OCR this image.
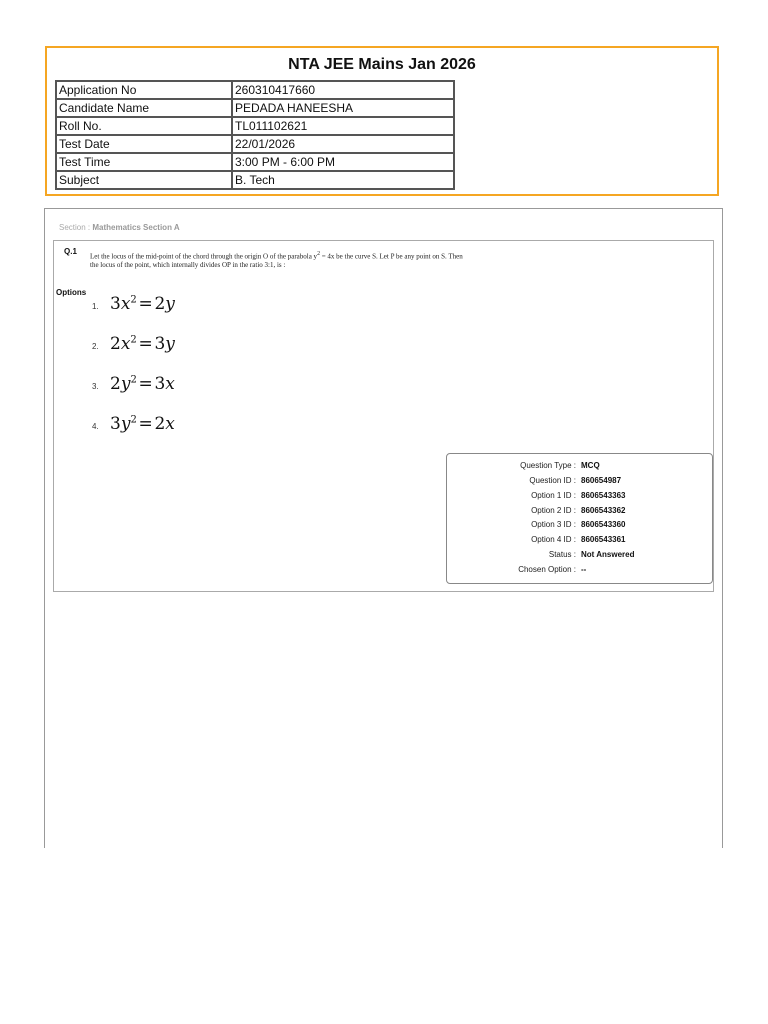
NTA JEE Mains Jan 2026
Application No	260310417660
Candidate Name	PEDADA HANEESHA
Roll No.	TL011102621
Test Date	22/01/2026
Test Time	3:00 PM - 6:00 PM
Subject	B. Tech
Section : Mathematics Section A
Q.1
Let the locus of the mid-point of the chord through the origin O of the parabola $y^2 = 4x$ be the curve S. Let P be any point on S. Then the locus of the point, which internally divides OP in the ratio 3:1, is :
Options
1. $3x^2$ = 2y
2. $2x^2$ = 3y
3. $2y^2$ = 3x
4. $3y^2$ = 2x
Question Type : MCQ
Question ID : 860654987
Option 1 ID : 8606543363
Option 2 ID : 8606543362
Option 3 ID : 8606543360
Option 4 ID : 8606543361
Status : Not Answered
Chosen Option : --
